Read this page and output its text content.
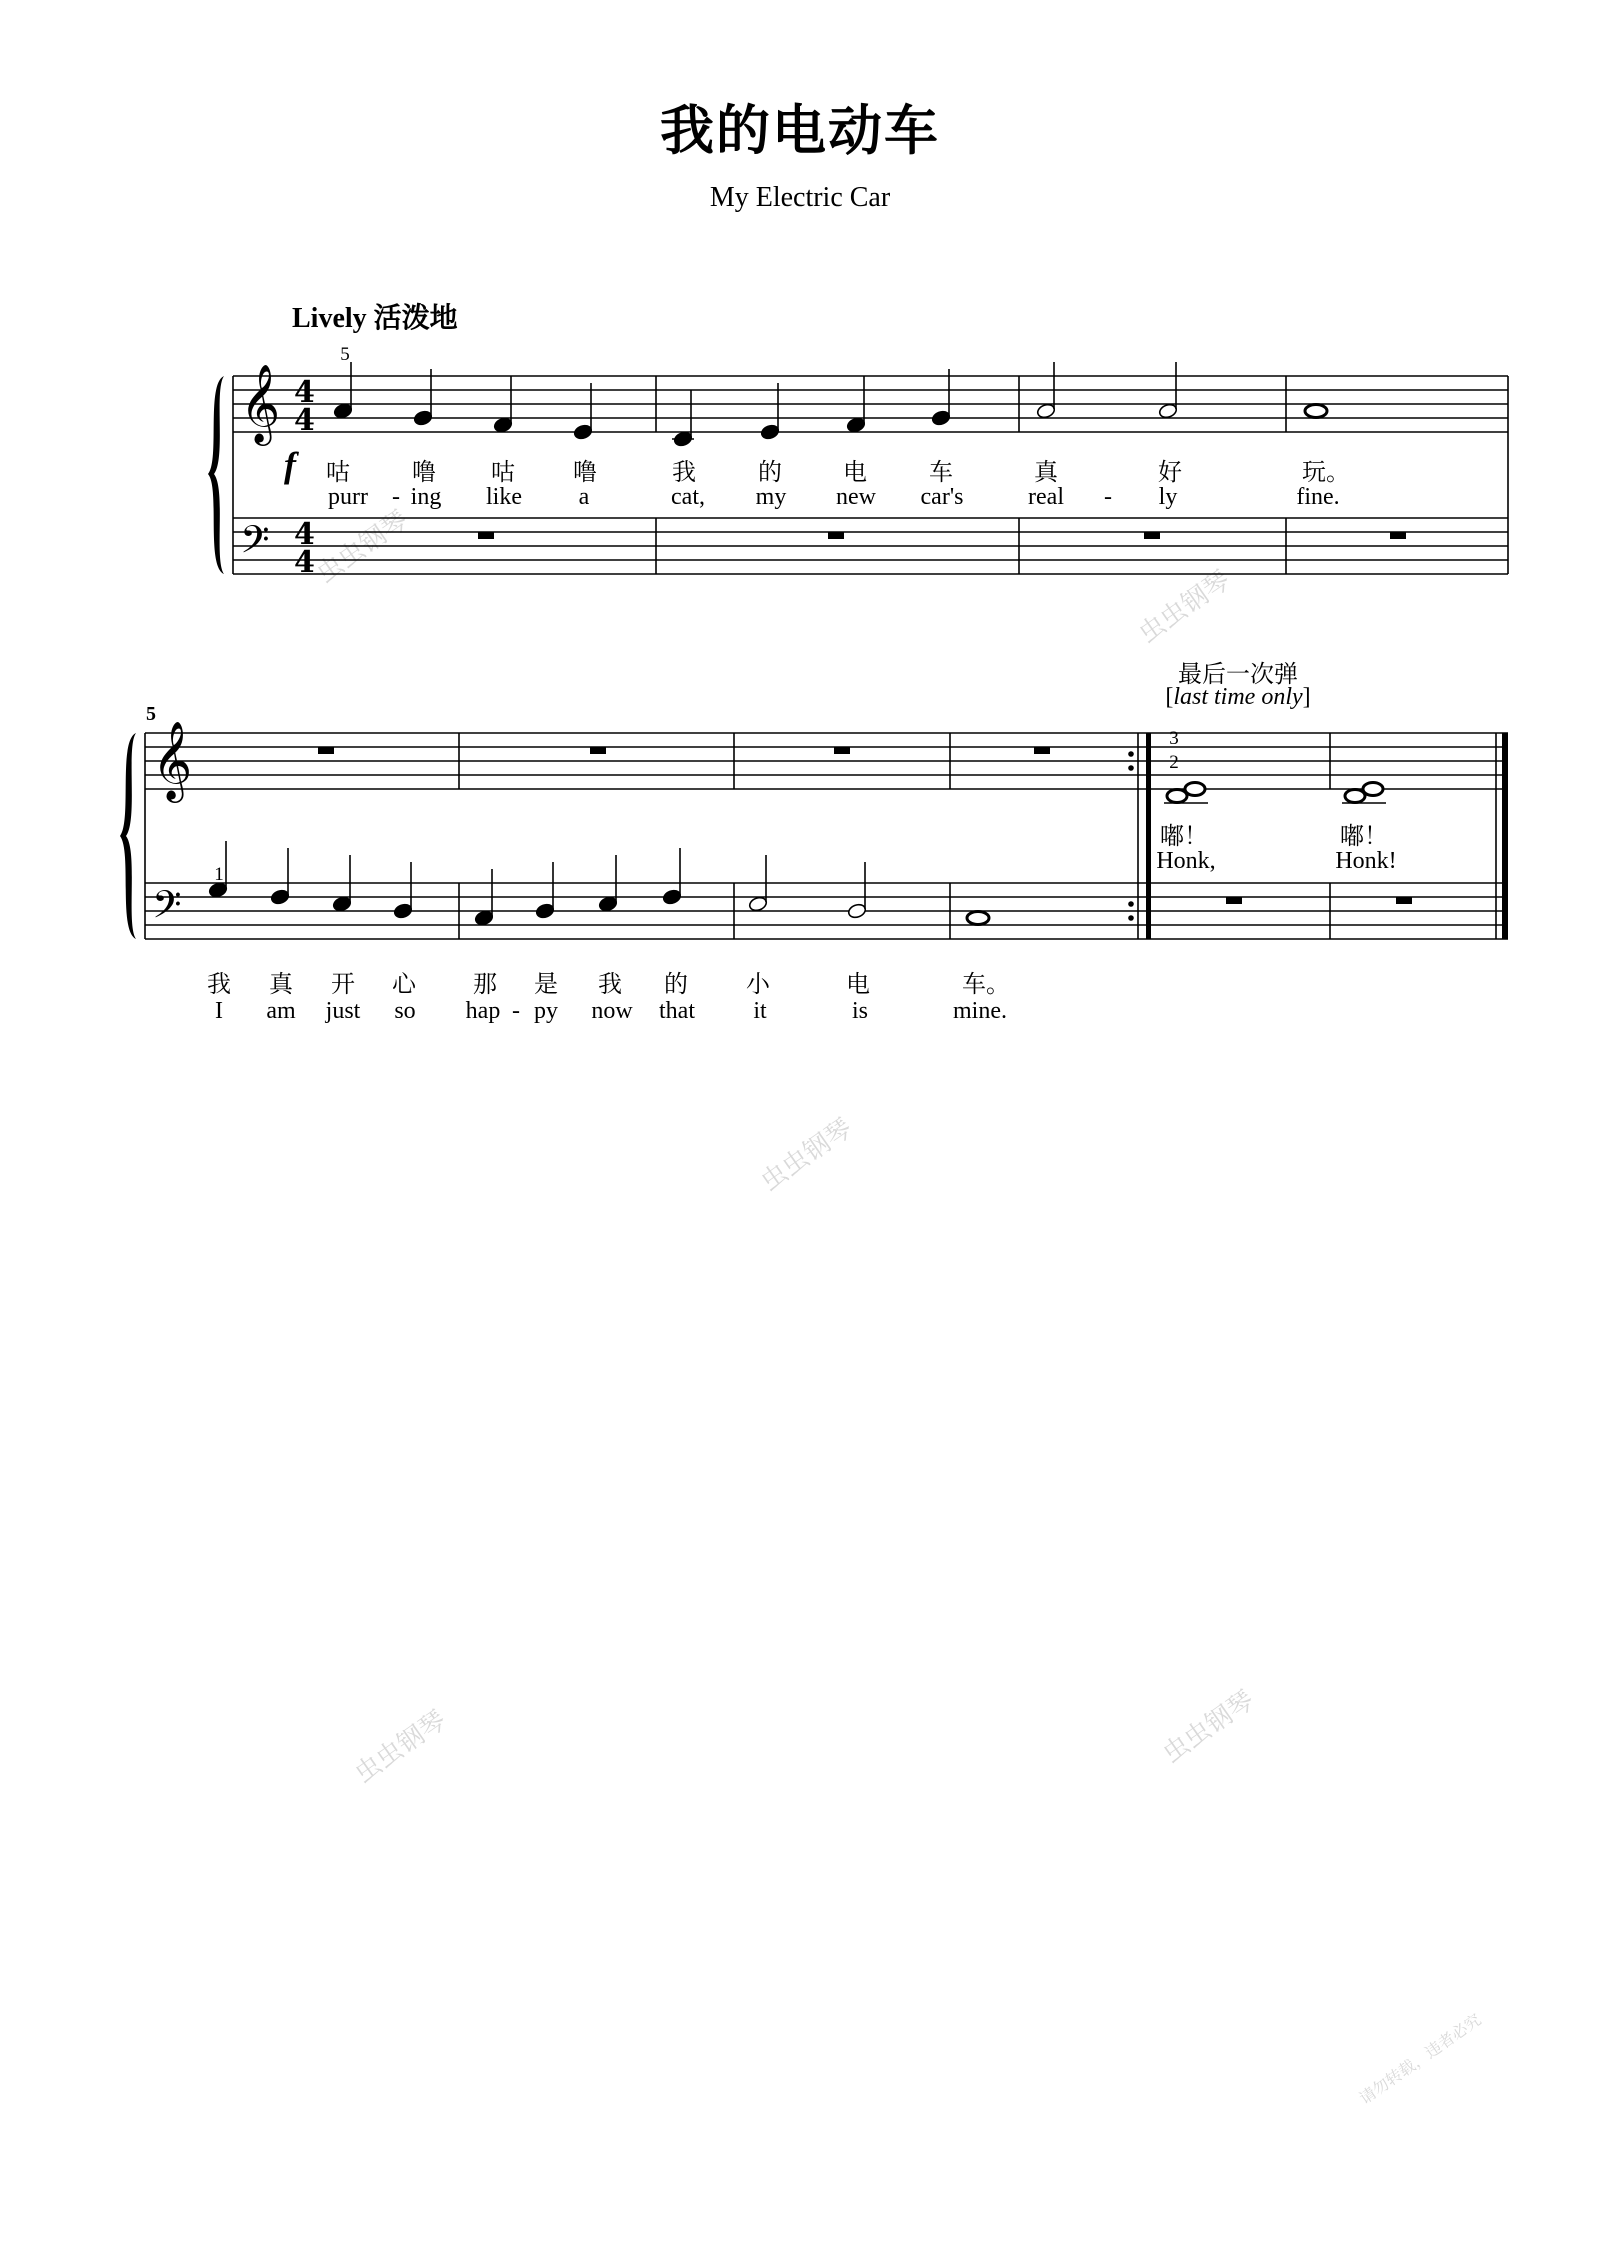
虫虫钢琴
虫虫钢琴
虫虫钢琴
虫虫钢琴	虫虫钢琴
请勿转载，违者必究
我的电动车
My Electric Car
Lively 活泼地
𝄞
𝄢
𝄞
𝄢
4
4
4
4
f
5
5
1
3
2
最后一次弹
[last time only]
咕	噜 咕 噜	我	的	电	车	真	好	玩。
purr - ing like a	cat, my new car's	real - ly	fine.
嘟！	嘟！
Honk,	Honk!
我 真 开 心 那 是 我 的 小	电	车。
I am just so hap - py now that it	is	mine.
